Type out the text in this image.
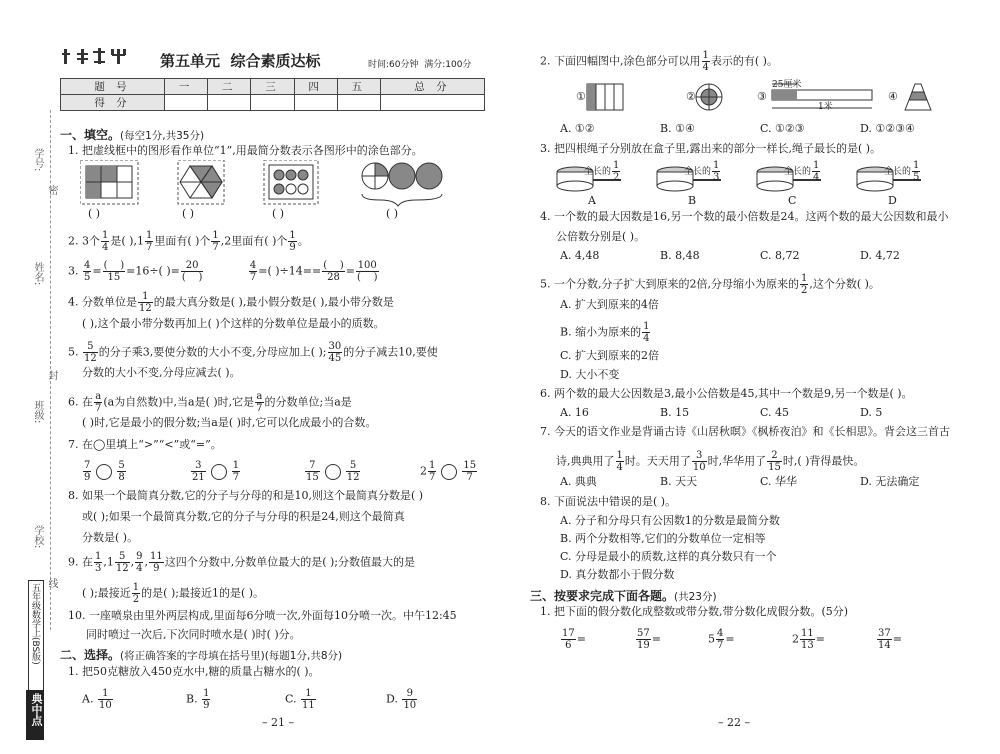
学号:
密
姓名:
封
班级:
学校:
线
五年级数学上(BS版)
典中点
第五单元  综合素质达标	时间:60分钟  满分:100分
题 号	一	二	三	四	五	总 分
得 分						
一、填空。(每空1分,共35分)
1. 把虚线框中的图形看作单位“1”,用最简分数表示各图形中的涂色部分。
( )	( )	( )	( )
2. 3个 $\frac{1}{4}$ 是( )$,1 \frac{1}{7}$ 里面有( )个 $\frac{1}{7} ,2$里面有( )个 $\frac{1}{9}$ 。
3. $\frac{4}{5}$ = (    )
15 =16÷( )= 20
(    )
	$\frac{4}{7}$ =( )÷14== (    )
28 = 100
(    )
4. 分数单位是 $\frac{1}{12}$ 的最大真分数是( ),最小假分数是( ),最小带分数是
( ),这个最小带分数再加上( )个这样的分数单位是最小的质数。
5. $\frac{5}{12}$ 的分子乘3,要使分数的大小不变,分母应加上( ); $\frac{30}{45}$ 的分子减去10,要使
分数的大小不变,分母应减去( )。
6. 在 $\frac{a}{7} (a$为自然数)中,当a是( )时,它是 $\frac{a}{7}$ 的分数单位;当a是
( )时,它是最小的假分数;当a是( )时,它可以化成最小的合数。
7. 在◯里填上“>”“<”或“=”。
$\frac{7}{9}$	$\frac{5}{8}$	$\frac{3}{21}$	$\frac{1}{7}$	$\frac{7}{15}$	$\frac{5}{12}$	$2 \frac{1}{7}$	$\frac{15}{7}$
8. 如果一个最简真分数,它的分子与分母的和是10,则这个最简真分数是( )
或( );如果一个最简真分数,它的分子与分母的积是24,则这个最简真
分数是( )。
9. 在 $\frac{1}{3} ,1 \frac{5}{12}$ , $\frac{9}{4}$ , $\frac{11}{9}$ 这四个分数中,分数单位最大的是( );分数值最大的是
( );最接近 $\frac{1}{2}$ 的是( );最接近1的是( )。
10. 一座喷泉由里外两层构成,里面每6分喷一次,外面每10分喷一次。中午12:45
同时喷过一次后,下次同时喷水是( )时( )分。
二、选择。(将正确答案的字母填在括号里)(每题1分,共8分)
1. 把50克糖放入450克水中,糖的质量占糖水的( )。
A. $\frac{1}{10}$	B. $\frac{1}{9}$	C. $\frac{1}{11}$	D. $\frac{9}{10}$
– 21 –
2. 下面四幅图中,涂色部分可以用 $\frac{1}{4}$ 表示的有( )。
①	②	③	④
25厘米
1米
A. ①②	B. ①④	C. ①②③	D. ①②③④
3. 把四根绳子分别放在盒子里,露出来的部分一样长,绳子最长的是( )。
全长的 $\frac{1}{2}$	全长的 $\frac{1}{3}$	全长的 $\frac{1}{4}$	全长的 $\frac{1}{5}$
A	B	C	D
4. 一个数的最大因数是16,另一个数的最小倍数是24。这两个数的最大公因数和最小
公倍数分别是( )。
A. 4,48	B. 8,48	C. 8,72	D. 4,72
5. 一个分数,分子扩大到原来的2倍,分母缩小为原来的 $\frac{1}{2}$ ,这个分数( )。
A. 扩大到原来的4倍
B. 缩小为原来的 $\frac{1}{4}$
C. 扩大到原来的2倍
D. 大小不变
6. 两个数的最大公因数是3,最小公倍数是45,其中一个数是9,另一个数是( )。
A. 16	B. 15	C. 45	D. 5
7. 今天的语文作业是背诵古诗《山居秋暝》《枫桥夜泊》和《长相思》。背会这三首古
诗,典典用了 $\frac{1}{4}$ 时。天天用了 $\frac{3}{10}$ 时,华华用了 $\frac{2}{15}$ 时,( )背得最快。
A. 典典	B. 天天	C. 华华	D. 无法确定
8. 下面说法中错误的是( )。
A. 分子和分母只有公因数1的分数是最简分数
B. 两个分数相等,它们的分数单位一定相等
C. 分母是最小的质数,这样的真分数只有一个
D. 真分数都小于假分数
三、按要求完成下面各题。(共23分)
1. 把下面的假分数化成整数或带分数,带分数化成假分数。(5分)
$\frac{17}{6}$ =	$\frac{57}{19}$ =	$5 \frac{4}{7}$ =	$2 \frac{11}{13}$ =	$\frac{37}{14}$ =
– 22 –
